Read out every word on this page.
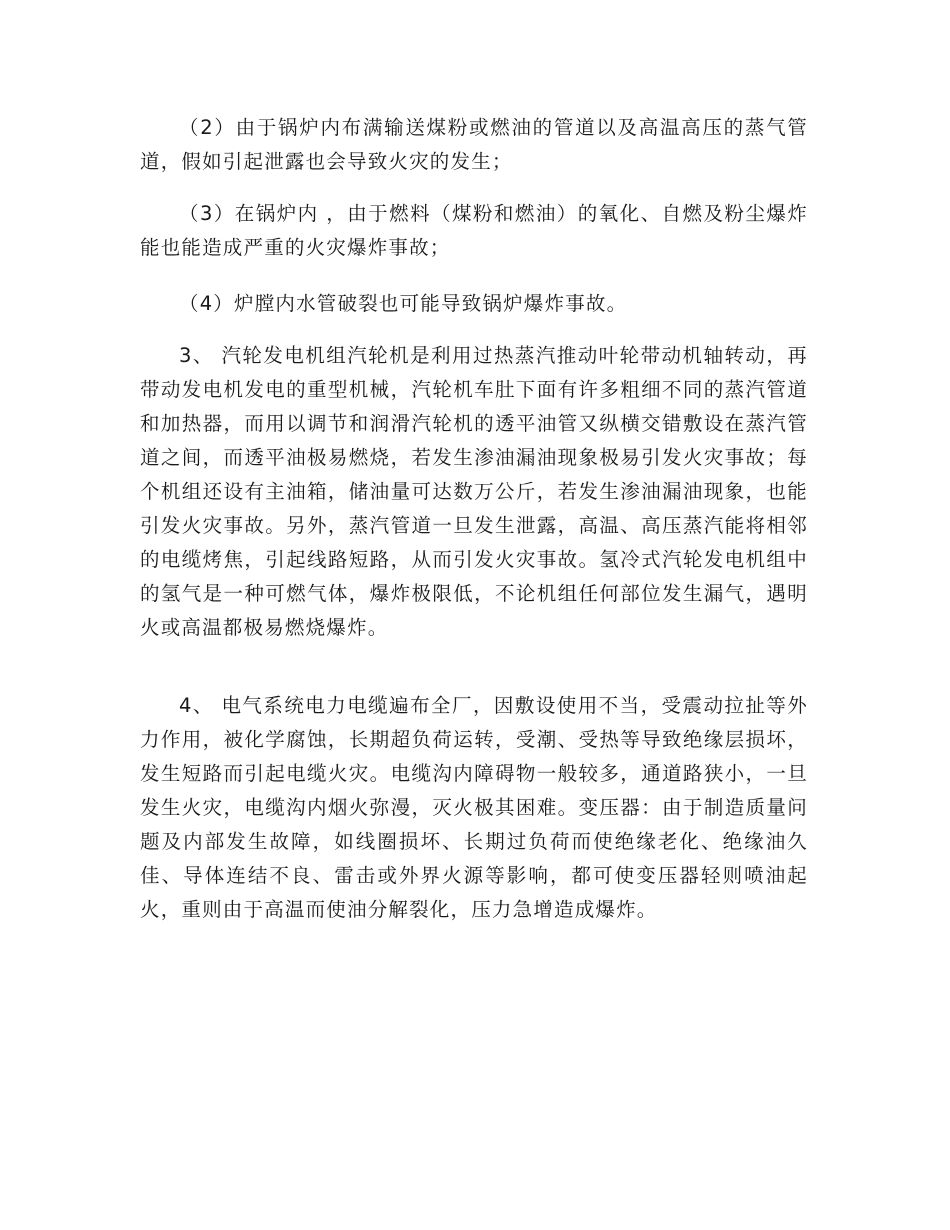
（2）由于锅炉内布满输送煤粉或燃油的管道以及高温高压的蒸气管道，假如引起泄露也会导致火灾的发生；

（3）在锅炉内 ，由于燃料（煤粉和燃油）的氧化、自燃及粉尘爆炸能也能造成严重的火灾爆炸事故；

（4）炉膛内水管破裂也可能导致锅炉爆炸事故。

3、 汽轮发电机组汽轮机是利用过热蒸汽推动叶轮带动机轴转动，再带动发电机发电的重型机械，汽轮机车肚下面有许多粗细不同的蒸汽管道和加热器，而用以调节和润滑汽轮机的透平油管又纵横交错敷设在蒸汽管道之间，而透平油极易燃烧，若发生渗油漏油现象极易引发火灾事故；每个机组还设有主油箱，储油量可达数万公斤，若发生渗油漏油现象，也能引发火灾事故。另外，蒸汽管道一旦发生泄露，高温、高压蒸汽能将相邻的电缆烤焦，引起线路短路，从而引发火灾事故。氢冷式汽轮发电机组中的氢气是一种可燃气体，爆炸极限低，不论机组任何部位发生漏气，遇明火或高温都极易燃烧爆炸。

4、 电气系统电力电缆遍布全厂，因敷设使用不当，受震动拉扯等外力作用，被化学腐蚀，长期超负荷运转，受潮、受热等导致绝缘层损坏，发生短路而引起电缆火灾。电缆沟内障碍物一般较多，通道路狭小，一旦发生火灾，电缆沟内烟火弥漫，灭火极其困难。变压器：由于制造质量问题及内部发生故障，如线圈损坏、长期过负荷而使绝缘老化、绝缘油久佳、导体连结不良、雷击或外界火源等影响，都可使变压器轻则喷油起火，重则由于高温而使油分解裂化，压力急增造成爆炸。
